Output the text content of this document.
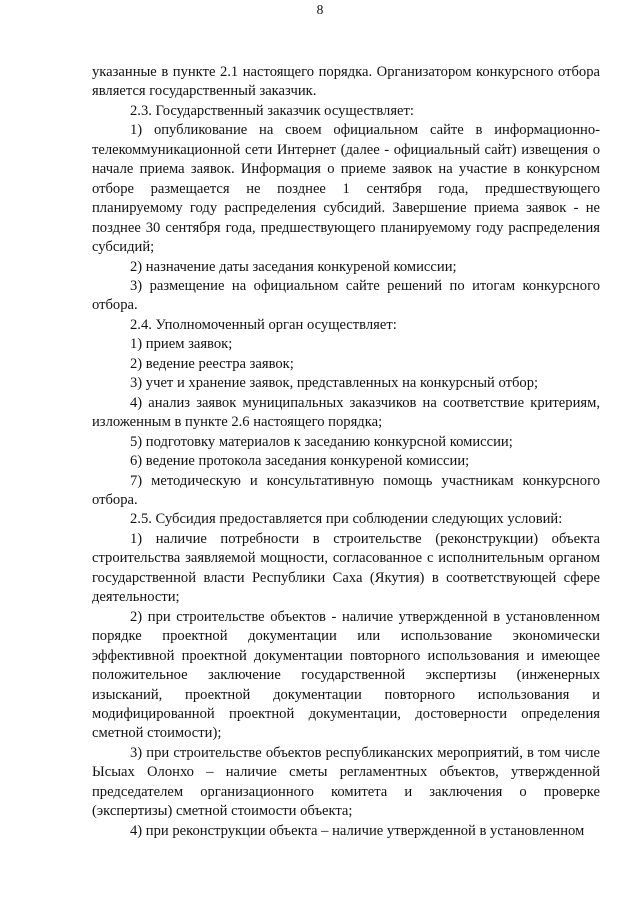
8

указанные в пункте 2.1 настоящего порядка. Организатором конкурсного отбора является государственный заказчик.

2.3. Государственный заказчик осуществляет:

1) опубликование на своем официальном сайте в информационно-телекоммуникационной сети Интернет (далее - официальный сайт) извещения о начале приема заявок. Информация о приеме заявок на участие в конкурсном отборе размещается не позднее 1 сентября года, предшествующего планируемому году распределения субсидий. Завершение приема заявок - не позднее 30 сентября года, предшествующего планируемому году распределения субсидий;

2) назначение даты заседания конкуреной комиссии;

3) размещение на официальном сайте решений по итогам конкурсного отбора.

2.4. Уполномоченный орган осуществляет:

1) прием заявок;

2) ведение реестра заявок;

3) учет и хранение заявок, представленных на конкурсный отбор;

4) анализ заявок муниципальных заказчиков на соответствие критериям, изложенным в пункте 2.6 настоящего порядка;

5) подготовку материалов к заседанию конкурсной комиссии;

6) ведение протокола заседания конкуреной комиссии;

7) методическую и консультативную помощь участникам конкурсного отбора.

2.5. Субсидия предоставляется при соблюдении следующих условий:

1) наличие потребности в строительстве (реконструкции) объекта строительства заявляемой мощности, согласованное с исполнительным органом государственной власти Республики Саха (Якутия) в соответствующей сфере деятельности;

2) при строительстве объектов - наличие утвержденной в установленном порядке проектной документации или использование экономически эффективной проектной документации повторного использования и имеющее положительное заключение государственной экспертизы (инженерных изысканий, проектной документации повторного использования и модифицированной проектной документации, достоверности определения сметной стоимости);

3) при строительстве объектов республиканских мероприятий, в том числе Ысыах Олонхо – наличие сметы регламентных объектов, утвержденной председателем организационного комитета и заключения о проверке (экспертизы) сметной стоимости объекта;

4) при реконструкции объекта – наличие утвержденной в установленном
